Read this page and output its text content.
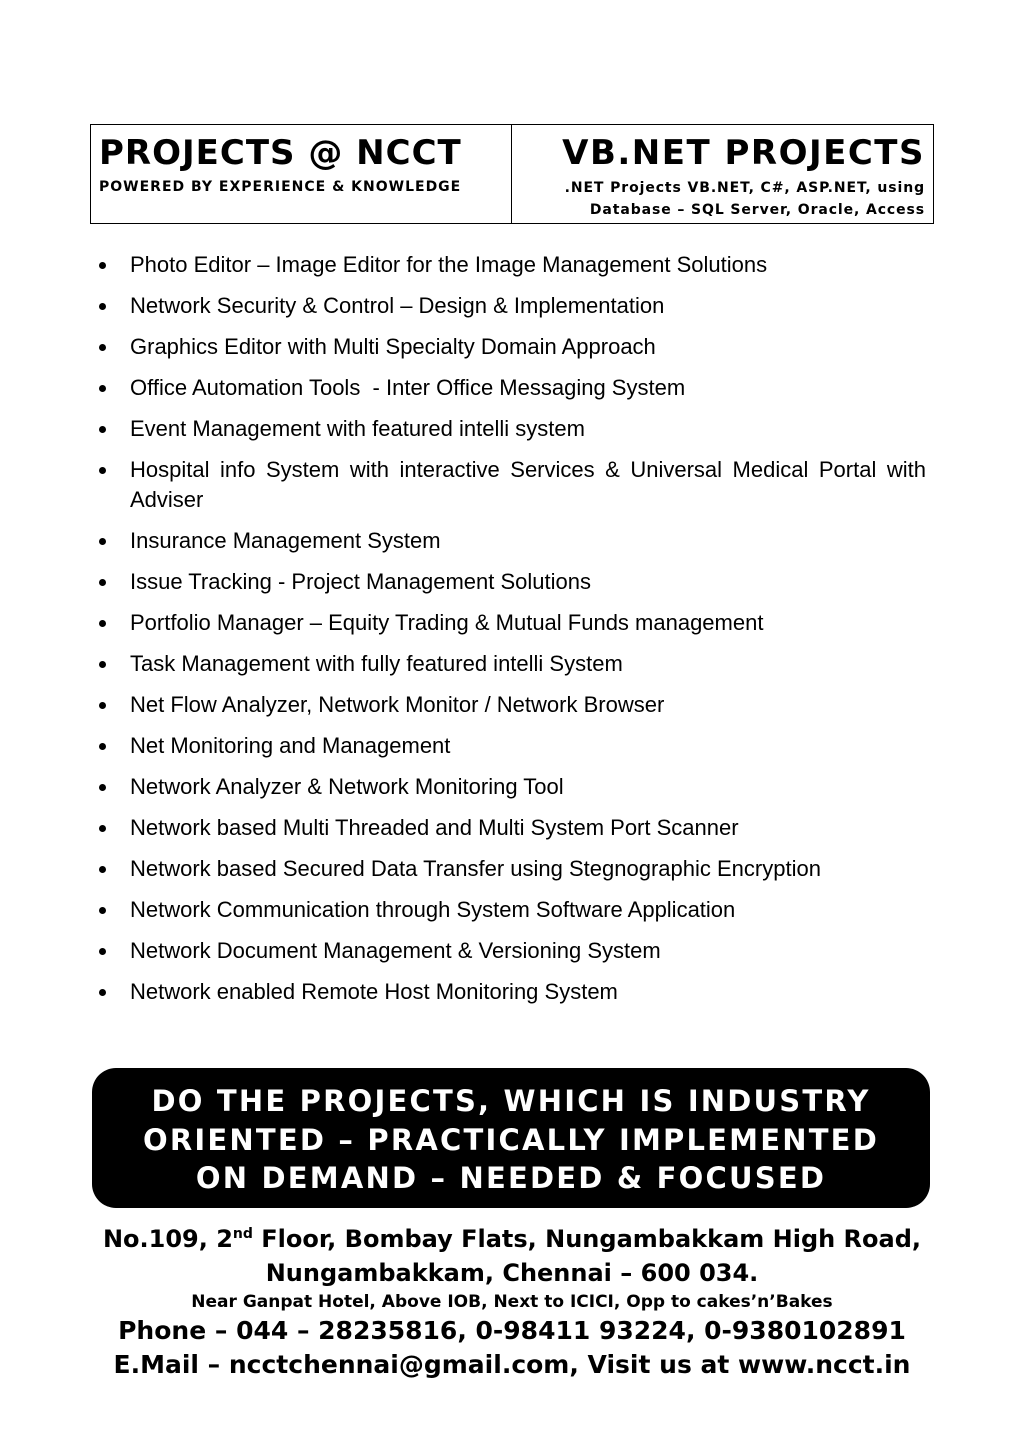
PROJECTS @ NCCT
POWERED BY EXPERIENCE & KNOWLEDGE
VB.NET PROJECTS
.NET Projects VB.NET, C#, ASP.NET, using
Database – SQL Server, Oracle, Access
Photo Editor – Image Editor for the Image Management Solutions
Network Security & Control – Design & Implementation
Graphics Editor with Multi Specialty Domain Approach
Office Automation Tools  - Inter Office Messaging System
Event Management with featured intelli system
Hospital info System with interactive Services & Universal Medical Portal with Adviser
Insurance Management System
Issue Tracking - Project Management Solutions
Portfolio Manager – Equity Trading & Mutual Funds management
Task Management with fully featured intelli System
Net Flow Analyzer, Network Monitor / Network Browser
Net Monitoring and Management
Network Analyzer & Network Monitoring Tool
Network based Multi Threaded and Multi System Port Scanner
Network based Secured Data Transfer using Stegnographic Encryption
Network Communication through System Software Application
Network Document Management & Versioning System
Network enabled Remote Host Monitoring System
DO THE PROJECTS, WHICH IS INDUSTRY
ORIENTED – PRACTICALLY IMPLEMENTED
ON DEMAND – NEEDED & FOCUSED
No.109, 2nd Floor, Bombay Flats, Nungambakkam High Road,
Nungambakkam, Chennai – 600 034.
Near Ganpat Hotel, Above IOB, Next to ICICI, Opp to cakes’n’Bakes
Phone – 044 – 28235816, 0-98411 93224, 0-9380102891
E.Mail – ncctchennai@gmail.com, Visit us at www.ncct.in
